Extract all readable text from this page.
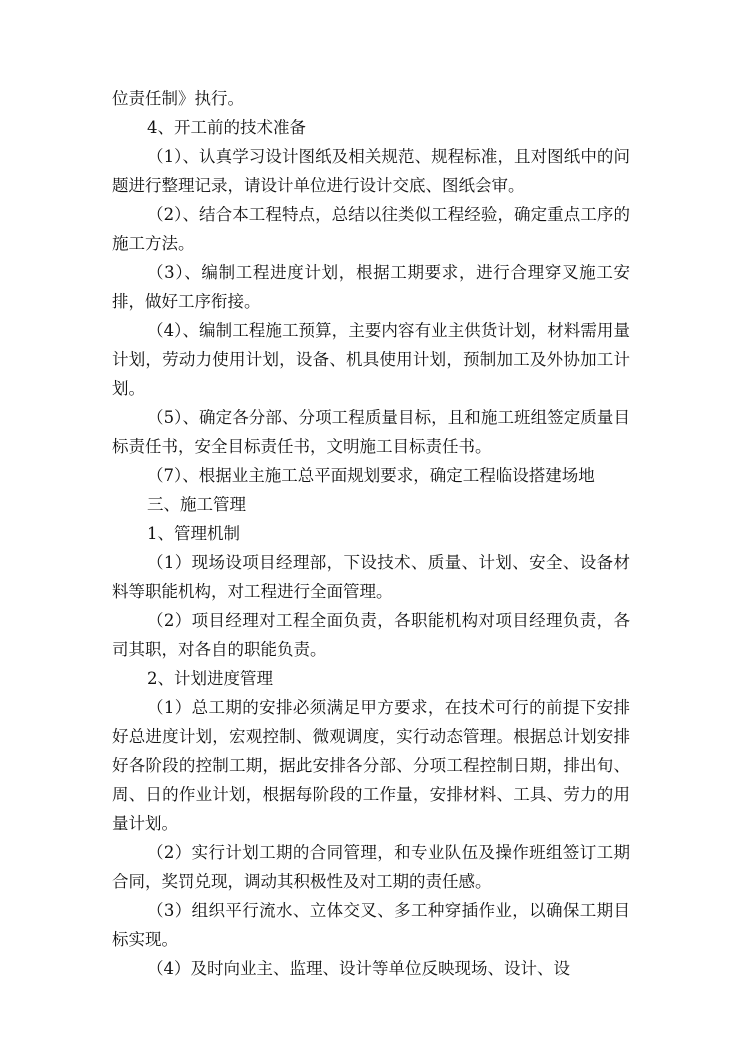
位责任制》执行。

4、开工前的技术准备

（1）、认真学习设计图纸及相关规范、规程标准，且对图纸中的问题进行整理记录，请设计单位进行设计交底、图纸会审。

（2）、结合本工程特点，总结以往类似工程经验，确定重点工序的施工方法。

（3）、编制工程进度计划，根据工期要求，进行合理穿叉施工安排，做好工序衔接。

（4）、编制工程施工预算，主要内容有业主供货计划，材料需用量计划，劳动力使用计划，设备、机具使用计划，预制加工及外协加工计划。

（5）、确定各分部、分项工程质量目标，且和施工班组签定质量目标责任书，安全目标责任书，文明施工目标责任书。

（7）、根据业主施工总平面规划要求，确定工程临设搭建场地

三、施工管理

1、管理机制

（1）现场设项目经理部，下设技术、质量、计划、安全、设备材料等职能机构，对工程进行全面管理。

（2）项目经理对工程全面负责，各职能机构对项目经理负责，各司其职，对各自的职能负责。

2、计划进度管理

（1）总工期的安排必须满足甲方要求，在技术可行的前提下安排好总进度计划，宏观控制、微观调度，实行动态管理。根据总计划安排好各阶段的控制工期，据此安排各分部、分项工程控制日期，排出旬、周、日的作业计划，根据每阶段的工作量，安排材料、工具、劳力的用量计划。

（2）实行计划工期的合同管理，和专业队伍及操作班组签订工期合同，奖罚兑现，调动其积极性及对工期的责任感。

（3）组织平行流水、立体交叉、多工种穿插作业，以确保工期目标实现。

（4）及时向业主、监理、设计等单位反映现场、设计、设
